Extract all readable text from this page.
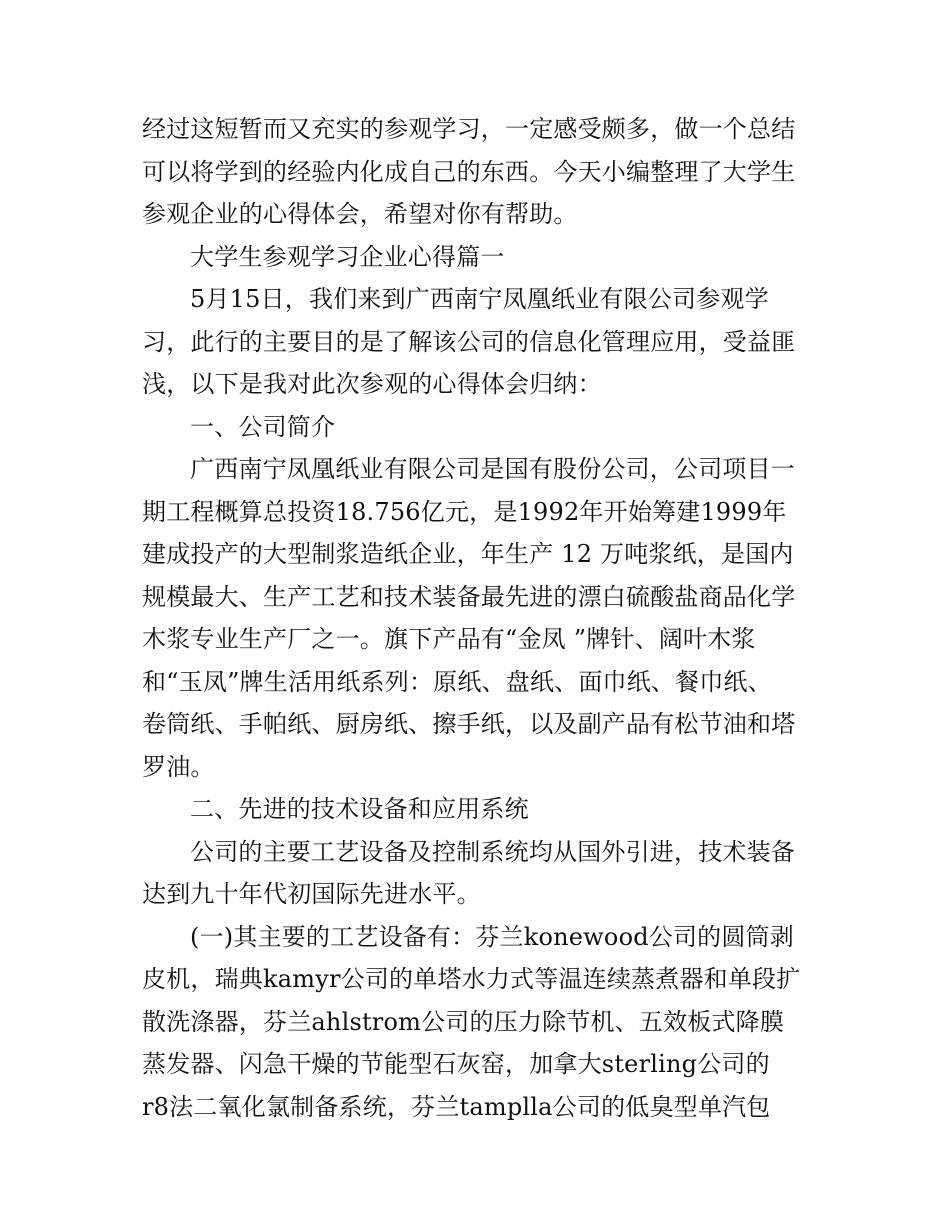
经过这短暂而又充实的参观学习，一定感受颇多，做一个总结
可以将学到的经验内化成自己的东西。今天小编整理了大学生
参观企业的心得体会，希望对你有帮助。
大学生参观学习企业心得篇一
5月15日，我们来到广西南宁凤凰纸业有限公司参观学
习，此行的主要目的是了解该公司的信息化管理应用，受益匪
浅，以下是我对此次参观的心得体会归纳：
一、公司简介
广西南宁凤凰纸业有限公司是国有股份公司，公司项目一
期工程概算总投资18.756亿元，是1992年开始筹建1999年
建成投产的大型制浆造纸企业，年生产 12 万吨浆纸，是国内
规模最大、生产工艺和技术装备最先进的漂白硫酸盐商品化学
木浆专业生产厂之一。旗下产品有“金凤 ”牌针、阔叶木浆
和“玉凤”牌生活用纸系列：原纸、盘纸、面巾纸、餐巾纸、
卷筒纸、手帕纸、厨房纸、擦手纸，以及副产品有松节油和塔
罗油。
二、先进的技术设备和应用系统
公司的主要工艺设备及控制系统均从国外引进，技术装备
达到九十年代初国际先进水平。
(一)其主要的工艺设备有：芬兰konewood公司的圆筒剥
皮机，瑞典kamyr公司的单塔水力式等温连续蒸煮器和单段扩
散洗涤器，芬兰ahlstrom公司的压力除节机、五效板式降膜
蒸发器、闪急干燥的节能型石灰窑，加拿大sterling公司的
r8法二氧化氯制备系统，芬兰tamplla公司的低臭型单汽包
